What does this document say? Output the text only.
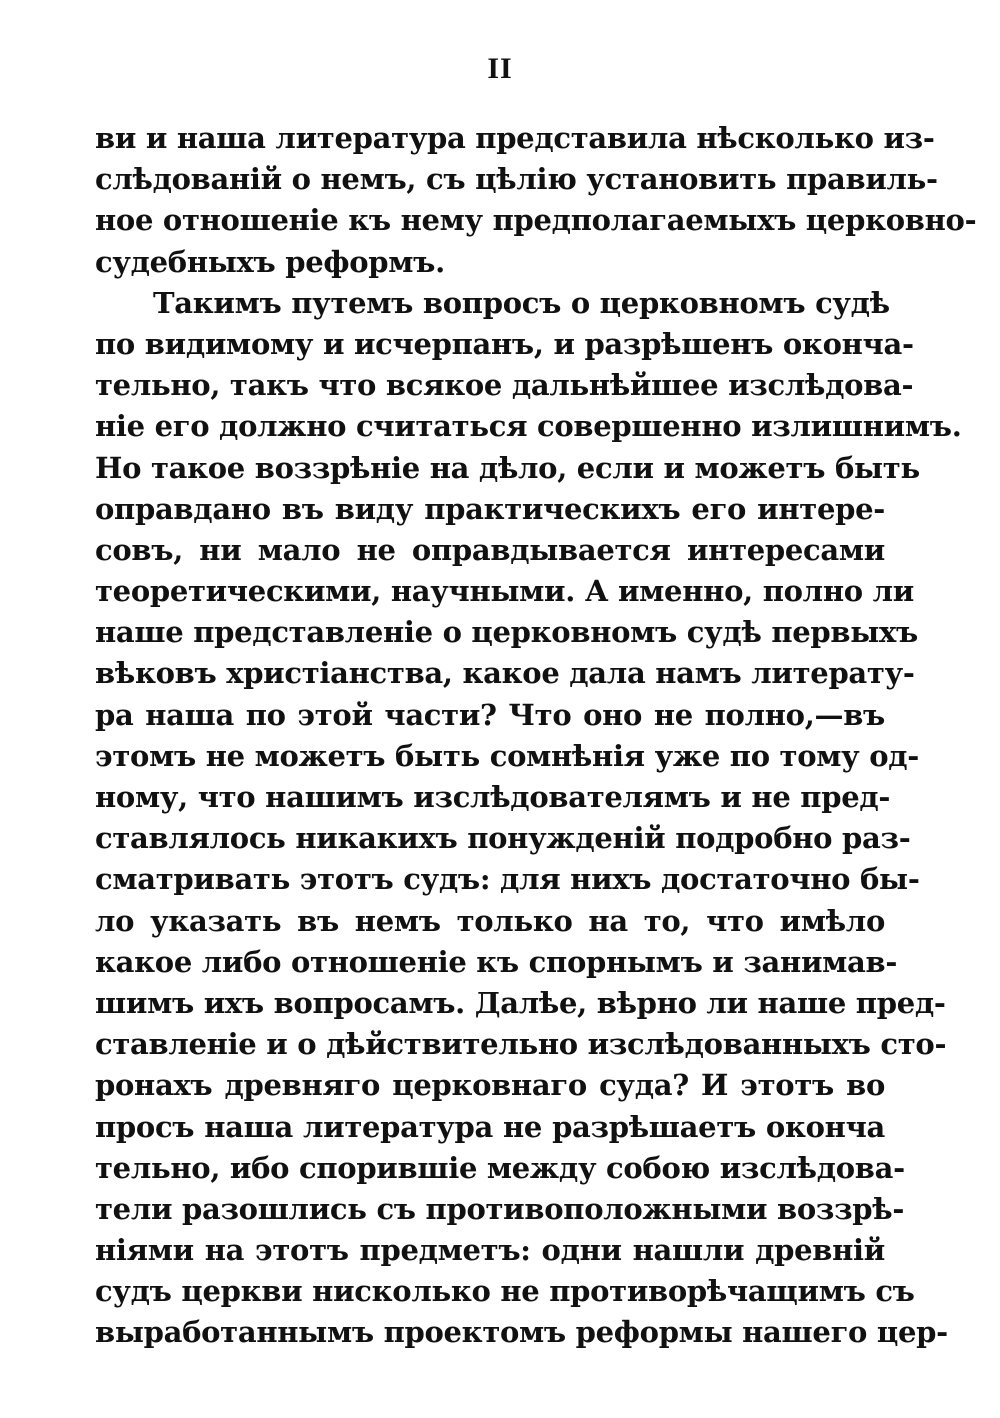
II
ви и наша литература представила нѣсколько из-
слѣдованій о немъ, съ цѣлію установить правиль-
ное отношеніе къ нему предполагаемыхъ церковно-
судебныхъ реформъ.
Такимъ путемъ вопросъ о церковномъ судѣ
по видимому и исчерпанъ, и разрѣшенъ оконча-
тельно, такъ что всякое дальнѣйшее изслѣдова-
ніе его должно считаться совершенно излишнимъ.
Но такое воззрѣніе на дѣло, если и можетъ быть
оправдано въ виду практическихъ его интере-
совъ, ни мало не оправдывается интересами
теоретическими, научными. А именно, полно ли
наше представленіе о церковномъ судѣ первыхъ
вѣковъ христіанства, какое дала намъ литерату-
ра наша по этой части? Что оно не полно,—въ
этомъ не можетъ быть сомнѣнія уже по тому од-
ному, что нашимъ изслѣдователямъ и не пред-
ставлялось никакихъ понужденій подробно раз-
сматривать этотъ судъ: для нихъ достаточно бы-
ло указать въ немъ только на то, что имѣло
какое либо отношеніе къ спорнымъ и занимав-
шимъ ихъ вопросамъ. Далѣе, вѣрно ли наше пред-
ставленіе и о дѣйствительно изслѣдованныхъ сто-
ронахъ древняго церковнаго суда? И этотъ во
просъ наша литература не разрѣшаетъ оконча
тельно, ибо спорившіе между собою изслѣдова-
тели разошлись съ противоположными воззрѣ-
ніями на этотъ предметъ: одни нашли древній
судъ церкви нисколько не противорѣчащимъ съ
выработаннымъ проектомъ реформы нашего цер-
